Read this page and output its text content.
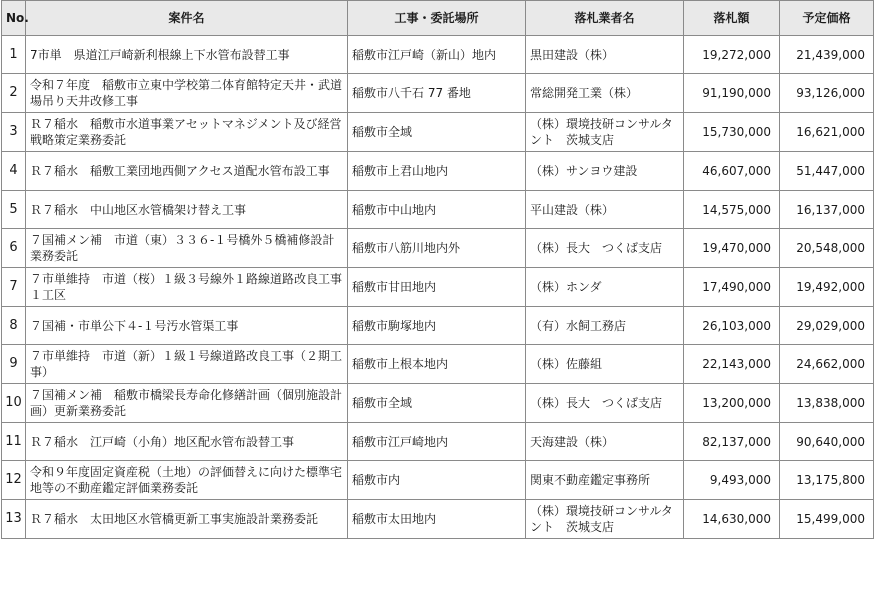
No.	案件名	工事・委託場所	落札業者名	落札額	予定価格
1	7市単　県道江戸崎新利根線上下水管布設替工事	稲敷市江戸崎（新山）地内	黒田建設（株）	19,272,000	21,439,000
2	令和７年度　稲敷市立東中学校第二体育館特定天井・武道場吊り天井改修工事	稲敷市八千石 77 番地	常総開発工業（株）	91,190,000	93,126,000
3	Ｒ７稲水　稲敷市水道事業アセットマネジメント及び経営戦略策定業務委託	稲敷市全域	（株）環境技研コンサルタント　茨城支店	15,730,000	16,621,000
4	Ｒ７稲水　稲敷工業団地西側アクセス道配水管布設工事	稲敷市上君山地内	（株）サンヨウ建設	46,607,000	51,447,000
5	Ｒ７稲水　中山地区水管橋架け替え工事	稲敷市中山地内	平山建設（株）	14,575,000	16,137,000
6	７国補メン補　市道（東）３３６-１号橋外５橋補修設計業務委託	稲敷市八筋川地内外	（株）長大　つくば支店	19,470,000	20,548,000
7	７市単維持　市道（桜）１級３号線外１路線道路改良工事１工区	稲敷市甘田地内	（株）ホンダ	17,490,000	19,492,000
8	７国補・市単公下４-１号汚水管渠工事	稲敷市駒塚地内	（有）水飼工務店	26,103,000	29,029,000
9	７市単維持　市道（新）１級１号線道路改良工事（２期工事）	稲敷市上根本地内	（株）佐藤組	22,143,000	24,662,000
10	７国補メン補　稲敷市橋梁長寿命化修繕計画（個別施設計画）更新業務委託	稲敷市全域	（株）長大　つくば支店	13,200,000	13,838,000
11	Ｒ７稲水　江戸崎（小角）地区配水管布設替工事	稲敷市江戸崎地内	天海建設（株）	82,137,000	90,640,000
12	令和９年度固定資産税（土地）の評価替えに向けた標準宅地等の不動産鑑定評価業務委託	稲敷市内	関東不動産鑑定事務所	9,493,000	13,175,800
13	Ｒ７稲水　太田地区水管橋更新工事実施設計業務委託	稲敷市太田地内	（株）環境技研コンサルタント　茨城支店	14,630,000	15,499,000
